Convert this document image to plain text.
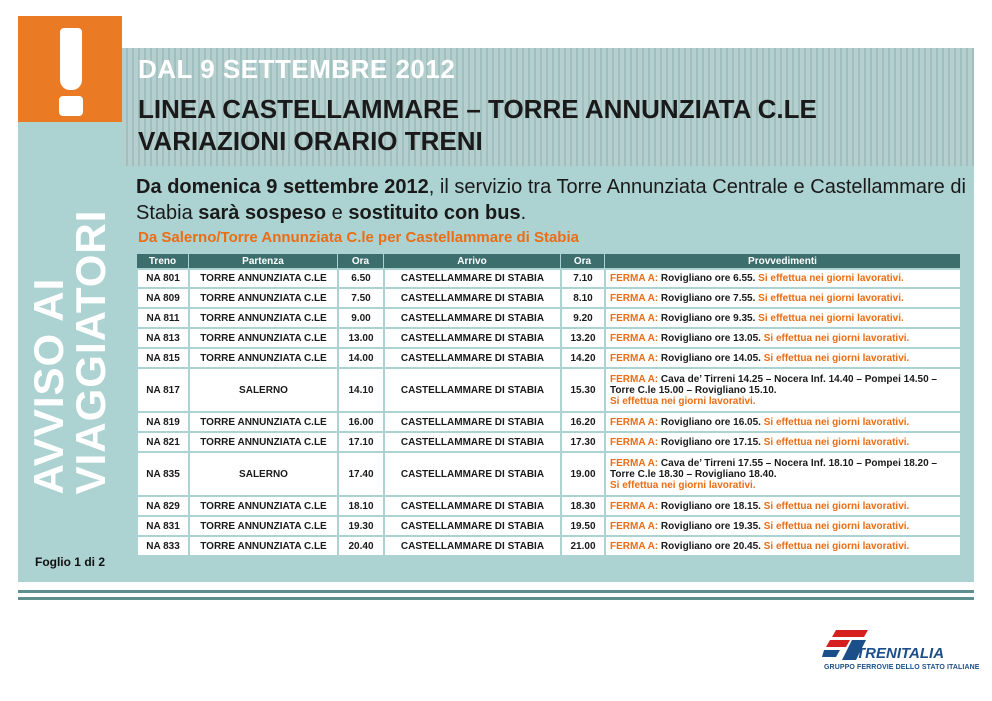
AVVISO AI
VIAGGIATORI
Foglio 1 di 2
DAL 9 SETTEMBRE 2012
LINEA CASTELLAMMARE – TORRE ANNUNZIATA C.LE
VARIAZIONI ORARIO TRENI
Da domenica 9 settembre 2012, il servizio tra Torre Annunziata Centrale e Castellammare di Stabia sarà sospeso e sostituito con bus.
Da Salerno/Torre Annunziata C.le per Castellammare di Stabia
Treno	Partenza	Ora	Arrivo	Ora	Provvedimenti
NA 801	TORRE ANNUNZIATA C.LE	6.50	CASTELLAMMARE DI STABIA	7.10	FERMA A: Rovigliano ore 6.55. Si effettua nei giorni lavorativi.
NA 809	TORRE ANNUNZIATA C.LE	7.50	CASTELLAMMARE DI STABIA	8.10	FERMA A: Rovigliano ore 7.55. Si effettua nei giorni lavorativi.
NA 811	TORRE ANNUNZIATA C.LE	9.00	CASTELLAMMARE DI STABIA	9.20	FERMA A: Rovigliano ore 9.35. Si effettua nei giorni lavorativi.
NA 813	TORRE ANNUNZIATA C.LE	13.00	CASTELLAMMARE DI STABIA	13.20	FERMA A: Rovigliano ore 13.05. Si effettua nei giorni lavorativi.
NA 815	TORRE ANNUNZIATA C.LE	14.00	CASTELLAMMARE DI STABIA	14.20	FERMA A: Rovigliano ore 14.05. Si effettua nei giorni lavorativi.
NA 817	SALERNO	14.10	CASTELLAMMARE DI STABIA	15.30	FERMA A: Cava de’ Tirreni 14.25 – Nocera Inf. 14.40 – Pompei 14.50 – Torre C.le 15.00 – Rovigliano 15.10.
Si effettua nei giorni lavorativi.
NA 819	TORRE ANNUNZIATA C.LE	16.00	CASTELLAMMARE DI STABIA	16.20	FERMA A: Rovigliano ore 16.05. Si effettua nei giorni lavorativi.
NA 821	TORRE ANNUNZIATA C.LE	17.10	CASTELLAMMARE DI STABIA	17.30	FERMA A: Rovigliano ore 17.15. Si effettua nei giorni lavorativi.
NA 835	SALERNO	17.40	CASTELLAMMARE DI STABIA	19.00	FERMA A: Cava de’ Tirreni 17.55 – Nocera Inf. 18.10 – Pompei 18.20 – Torre C.le 18.30 – Rovigliano 18.40.
Si effettua nei giorni lavorativi.
NA 829	TORRE ANNUNZIATA C.LE	18.10	CASTELLAMMARE DI STABIA	18.30	FERMA A: Rovigliano ore 18.15. Si effettua nei giorni lavorativi.
NA 831	TORRE ANNUNZIATA C.LE	19.30	CASTELLAMMARE DI STABIA	19.50	FERMA A: Rovigliano ore 19.35. Si effettua nei giorni lavorativi.
NA 833	TORRE ANNUNZIATA C.LE	20.40	CASTELLAMMARE DI STABIA	21.00	FERMA A: Rovigliano ore 20.45. Si effettua nei giorni lavorativi.
TRENITALIA
GRUPPO FERROVIE DELLO STATO ITALIANE
